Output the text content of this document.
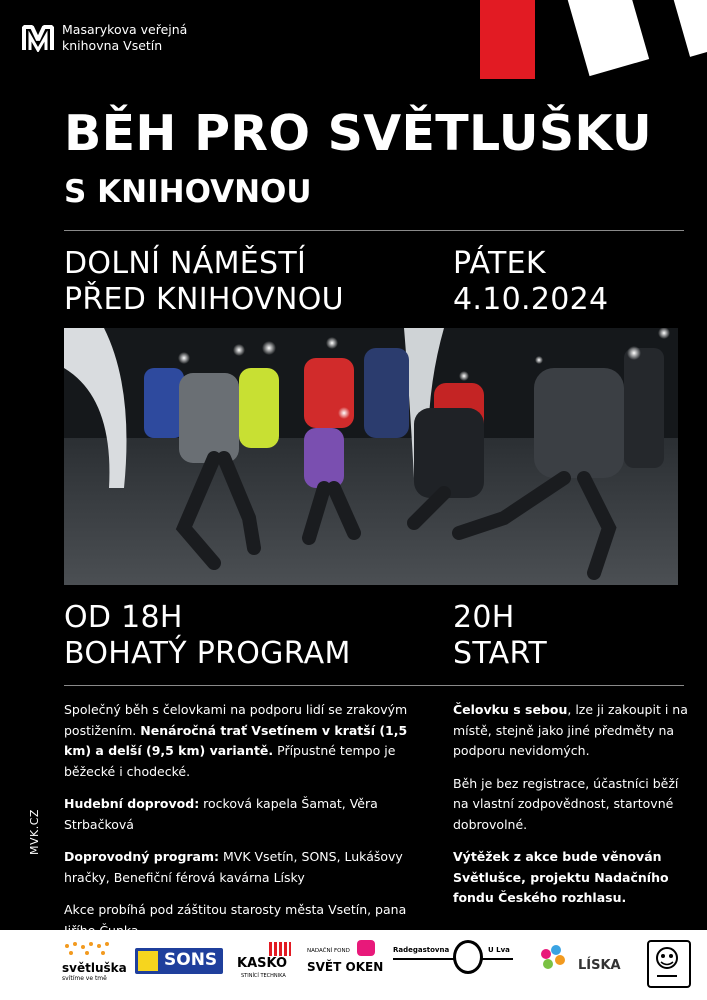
Masarykova veřejná
knihovna Vsetín
BĚH PRO SVĚTLUŠKU
S KNIHOVNOU
DOLNÍ NÁMĚSTÍ
PŘED KNIHOVNOU
PÁTEK
4.10.2024
OD 18H
BOHATÝ PROGRAM
20H
START

Společný běh s čelovkami na podporu lidí se zrakovým postižením. Nenáročná trať Vsetínem v kratší (1,5 km) a delší (9,5 km) variantě. Přípustné tempo je běžecké i chodecké.

Hudební doprovod: rocková kapela Šamat, Věra Strbačková

Doprovodný program: MVK Vsetín, SONS, Lukášovy hračky, Benefiční férová kavárna Lísky

Akce probíhá pod záštitou starosty města Vsetín, pana

Čelovku s sebou, lze ji zakoupit i na místě, stejně jako jiné předměty na podporu nevidomých.

Běh je bez registrace, účastníci běží na vlastní zodpovědnost, startovné dobrovolné.

Výtěžek z akce bude věnován Světlušce, projektu Nadačního fondu Českého rozhlasu.

MVK.CZ
světluška
svítíme ve tmě
SONS KASKO
STINÍCÍ TECHNIKA
NADAČNÍ FOND
SVĚT OKEN
Radegastovna	U Lva
LÍSKA
